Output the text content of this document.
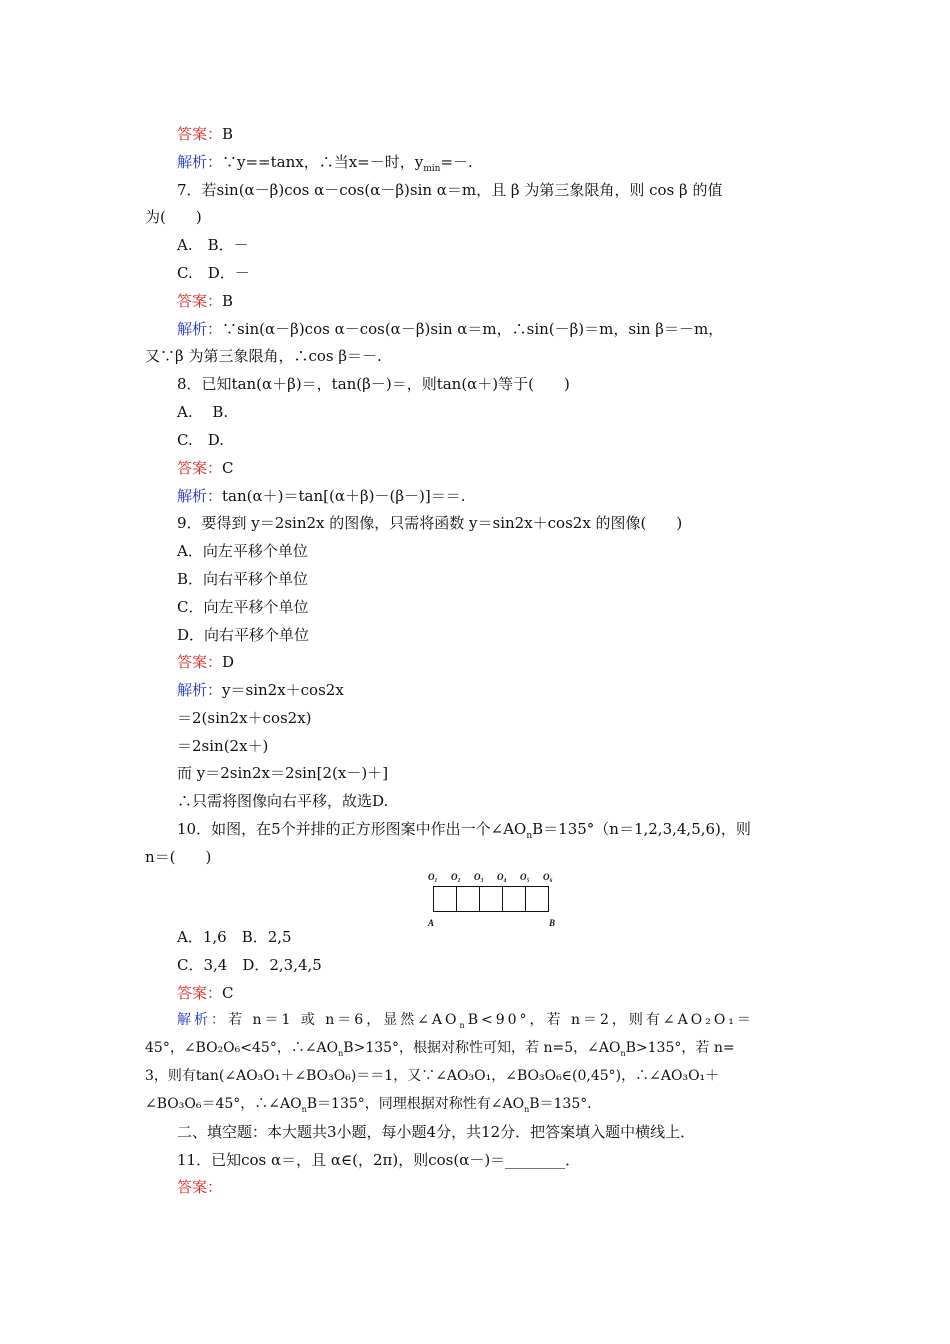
答案：B
解析：∵y==tanx，∴当x=－时，$y_{min}=-$.
7．若sin(α－β)cos α－cos(α－β)sin α＝m，且 β 为第三象限角，则 cos β 的值
为(　　)
A.　B．－
C.　D．－
答案：B
解析：∵sin(α－β)cos α－cos(α－β)sin α＝m，∴sin(－β)＝m，sin β＝－m，
又∵β 为第三象限角，∴cos β＝－.
8．已知tan(α＋β)＝，tan(β－)＝，则tan(α＋)等于(　　)
A.　 B.
C.　D.
答案：C
解析：tan(α＋)＝tan[(α＋β)－(β－)]＝＝.
9．要得到 y＝2sin2x 的图像，只需将函数 y＝sin2x＋cos2x 的图像(　　)
A．向左平移个单位
B．向右平移个单位
C．向左平移个单位
D．向右平移个单位
答案：D
解析：y＝sin2x＋cos2x
＝2(sin2x＋cos2x)
＝2sin(2x＋)
而 y＝2sin2x＝2sin[2(x－)＋]
∴只需将图像向右平移，故选D.
10．如图，在5个并排的正方形图案中作出一个$\angle AO_nB=135^\circ(n=1,2,3,4,5,6)$，则
n＝(　　)
O₁ O₂ O₃ O₄ O₅ O₆
A	B
A．1,6　B．2,5
C．3,4　D．2,3,4,5
答案：C
解析：若 n＝1 或 n＝6，显然$\angle AO_nB<90^\circ$，若 n＝2，则有∠AO₂O₁＝
45°，∠BO₂O₆<45°，$\therefore\angle AO_nB>135^\circ$，根据对称性可知，若 n=5，$\angle AO_nB>135^\circ$，若 n=
3，则有tan(∠AO₃O₁＋∠BO₃O₆)＝＝1，又∵∠AO₃O₁，∠BO₃O₆∈(0,45°)，∴∠AO₃O₁＋
∠BO₃O₆＝45°，$\therefore\angle AO_nB=135^\circ$，同理根据对称性有$\angle AO_nB=135^\circ$．
二、填空题：本大题共3小题，每小题4分，共12分．把答案填入题中横线上．
11．已知cos α＝，且 α∈(，2π)，则cos(α－)＝________．
答案：
